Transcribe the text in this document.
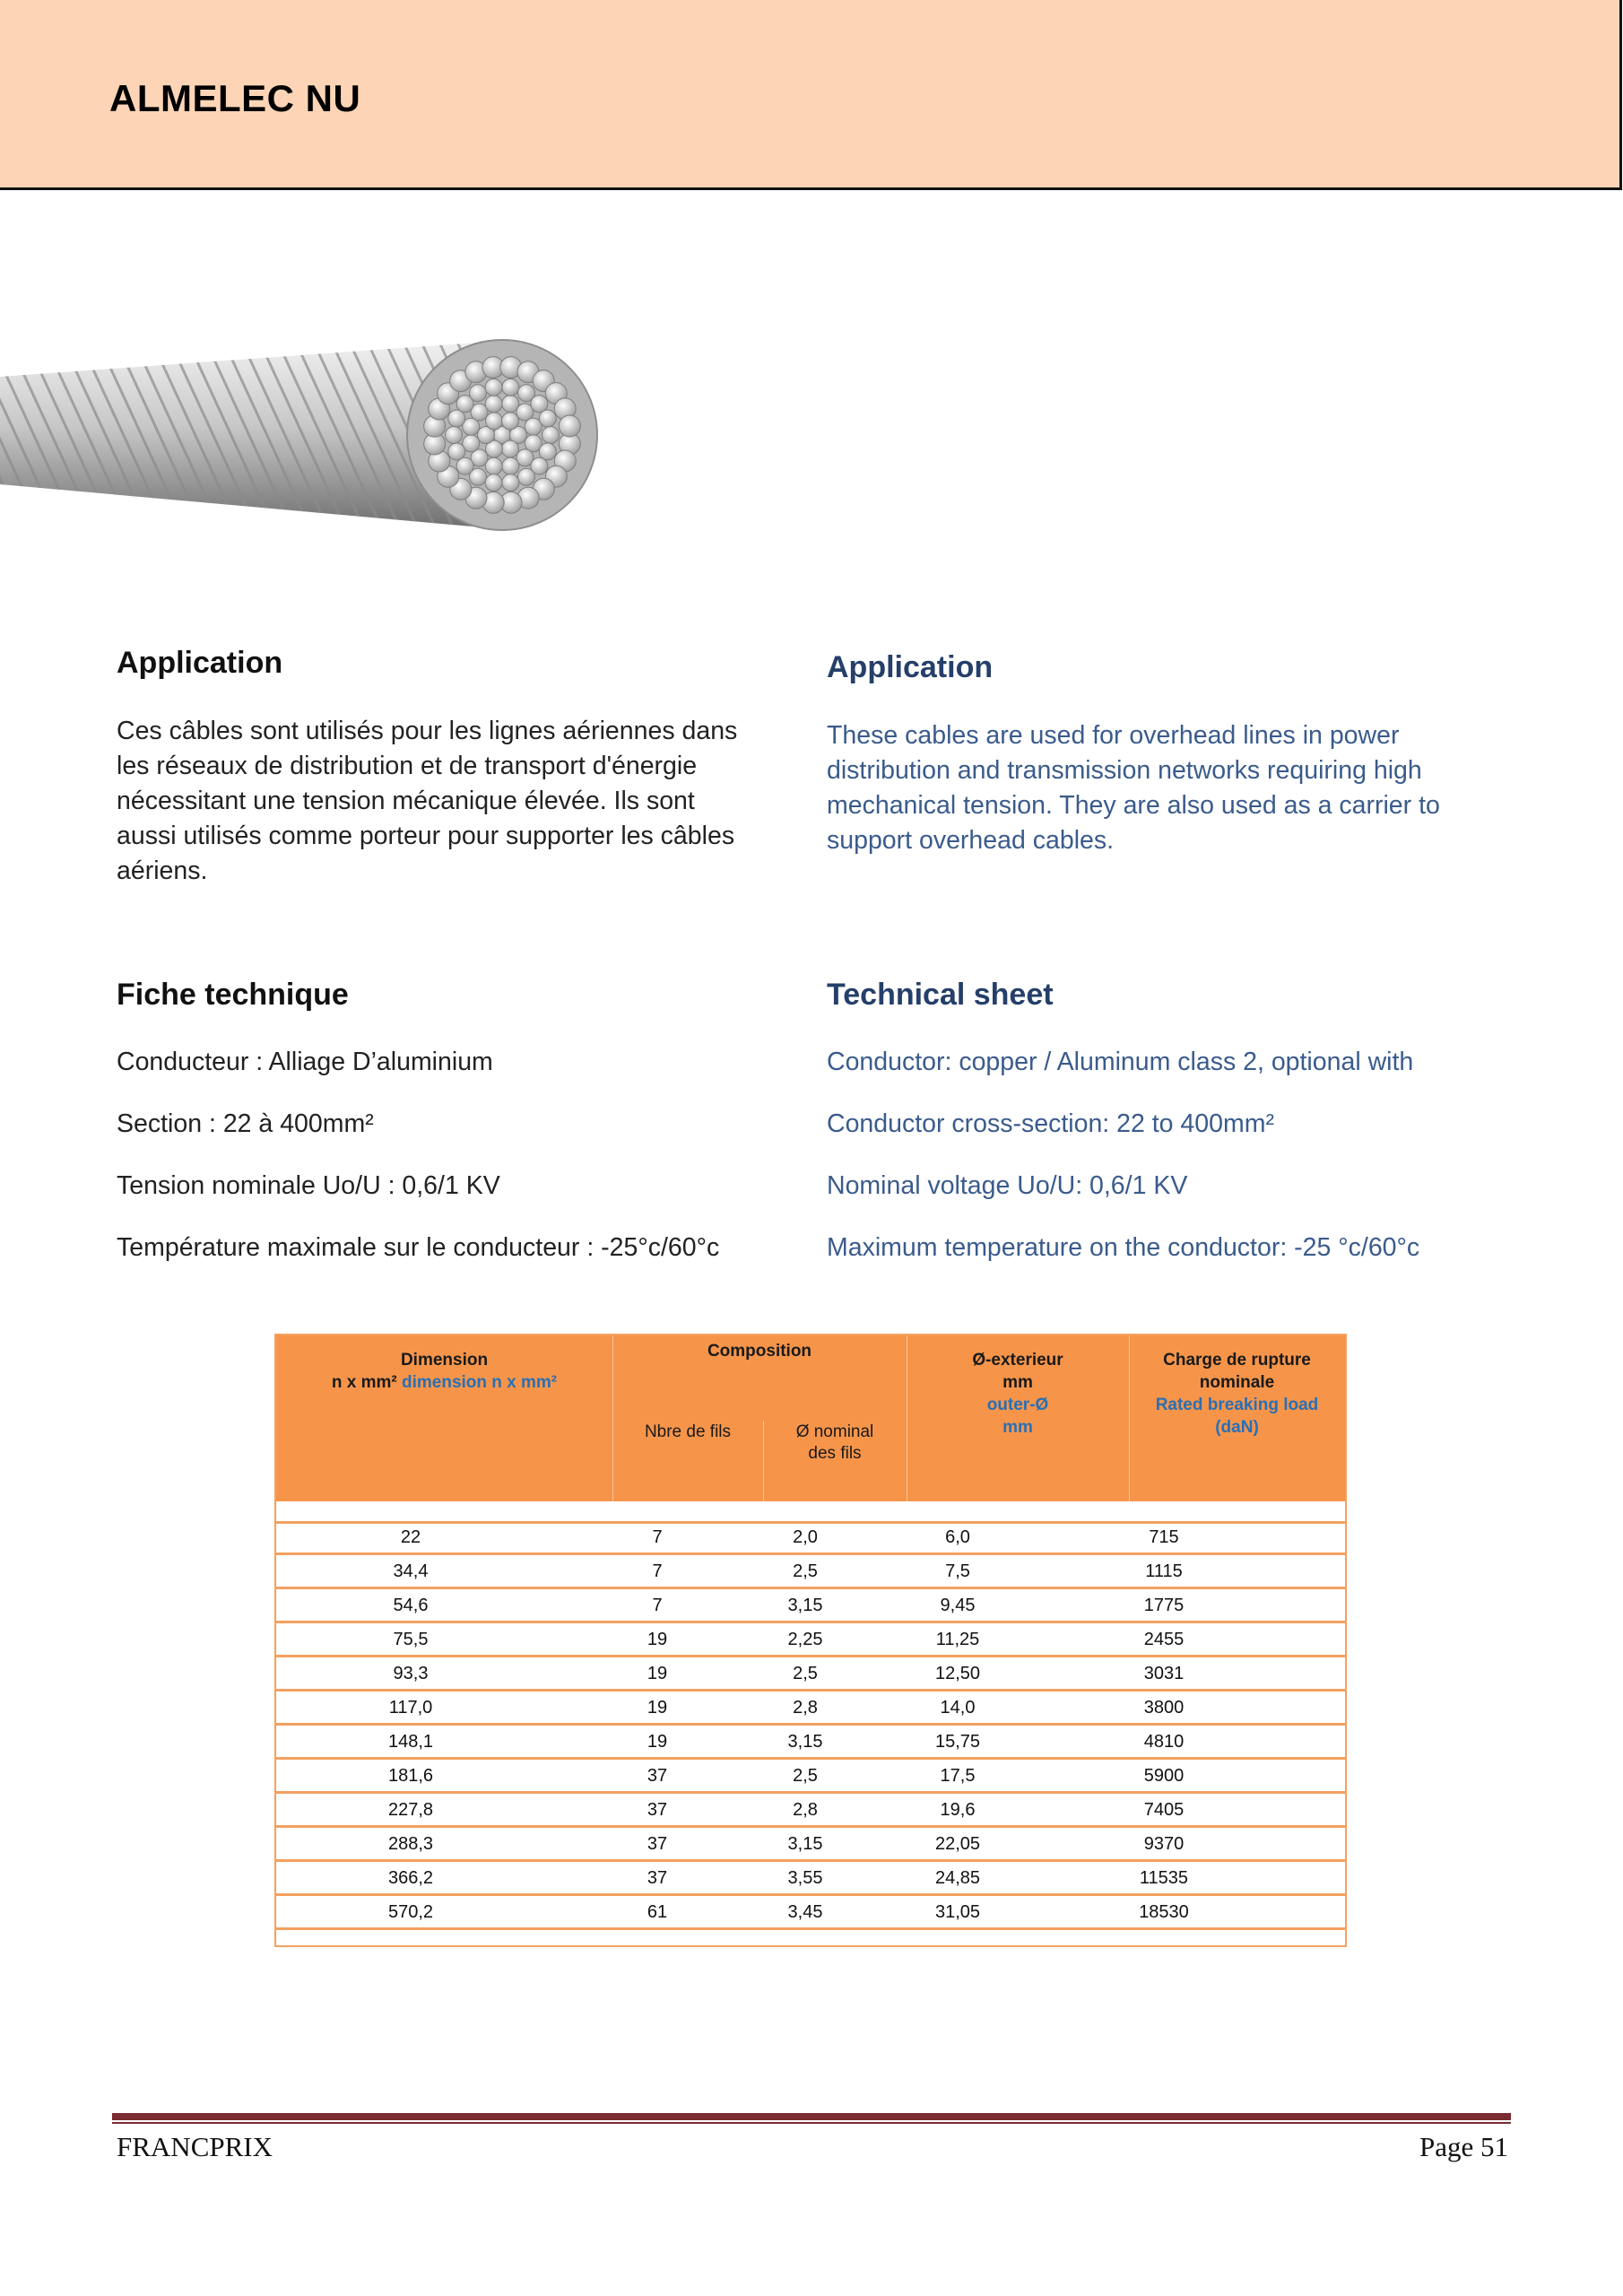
ALMELEC NU
Application

Ces câbles sont utilisés pour les lignes aériennes dans
les réseaux de distribution et de transport d'énergie
nécessitant une tension mécanique élevée. Ils sont
aussi utilisés comme porteur pour supporter les câbles
aériens.

Fiche technique

Conducteur : Alliage D’aluminium

Section : 22 à 400mm²

Tension nominale Uo/U : 0,6/1 KV

Température maximale sur le conducteur : -25°c/60°c

Application

These cables are used for overhead lines in power
distribution and transmission networks requiring high
mechanical tension. They are also used as a carrier to
support overhead cables.

Technical sheet

Conductor: copper / Aluminum class 2, optional with

Conductor cross-section: 22 to 400mm²

Nominal voltage Uo/U: 0,6/1 KV

Maximum temperature on the conductor: -25 °c/60°c

Dimension
n x mm² dimension n x mm²
Composition
Nbre de fils	Ø nominal
des fils
Ø-exterieur
mm
outer-Ø
mm
Charge de rupture
nominale
Rated breaking load
(daN)
22	7	2,0	6,0	715
34,4	7	2,5	7,5	1115
54,6	7	3,15	9,45	1775
75,5	19	2,25	11,25	2455
93,3	19	2,5	12,50	3031
117,0	19	2,8	14,0	3800
148,1	19	3,15	15,75	4810
181,6	37	2,5	17,5	5900
227,8	37	2,8	19,6	7405
288,3	37	3,15	22,05	9370
366,2	37	3,55	24,85	11535
570,2	61	3,45	31,05	18530
FRANCPRIX	Page 51
